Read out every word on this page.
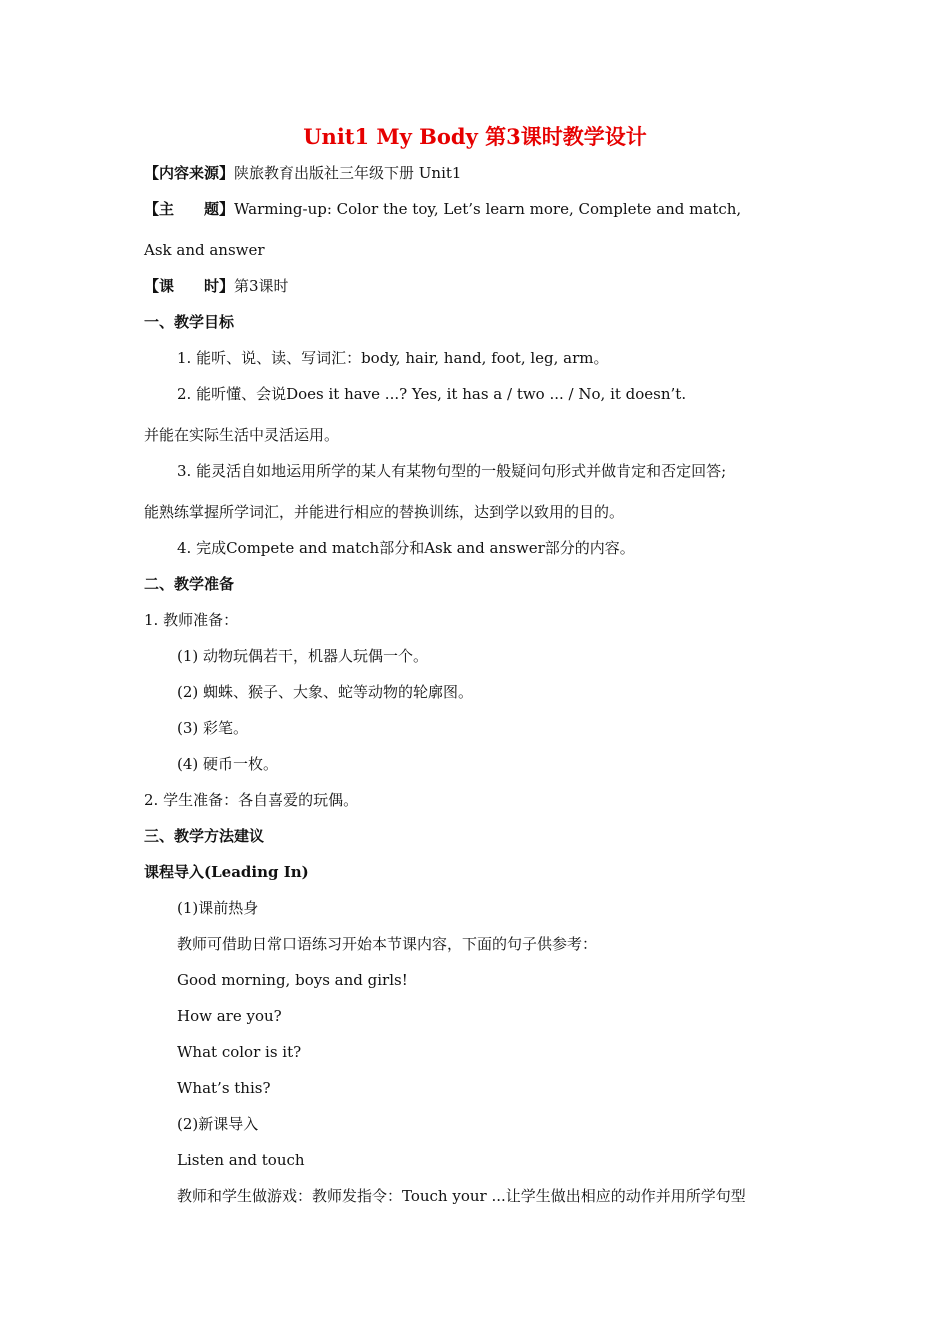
Unit1 My Body 第3课时教学设计
【内容来源】陕旅教育出版社三年级下册 Unit1
【主　　题】Warming-up: Color the toy, Let’s learn more, Complete and match,
Ask and answer
【课　　时】第3课时
一、教学目标
1. 能听、说、读、写词汇：body, hair, hand, foot, leg, arm。
2. 能听懂、会说Does it have ...? Yes, it has a / two ... / No, it doesn’t.
并能在实际生活中灵活运用。
3. 能灵活自如地运用所学的某人有某物句型的一般疑问句形式并做肯定和否定回答;
能熟练掌握所学词汇，并能进行相应的替换训练，达到学以致用的目的。
4. 完成Compete and match部分和Ask and answer部分的内容。
二、教学准备
1. 教师准备：
(1) 动物玩偶若干，机器人玩偶一个。
(2) 蜘蛛、猴子、大象、蛇等动物的轮廓图。
(3) 彩笔。
(4) 硬币一枚。
2. 学生准备：各自喜爱的玩偶。
三、教学方法建议
课程导入(Leading In)
(1)课前热身
教师可借助日常口语练习开始本节课内容，下面的句子供参考：
Good morning, boys and girls!
How are you?
What color is it?
What’s this?
(2)新课导入
Listen and touch
教师和学生做游戏：教师发指令：Touch your ...让学生做出相应的动作并用所学句型
